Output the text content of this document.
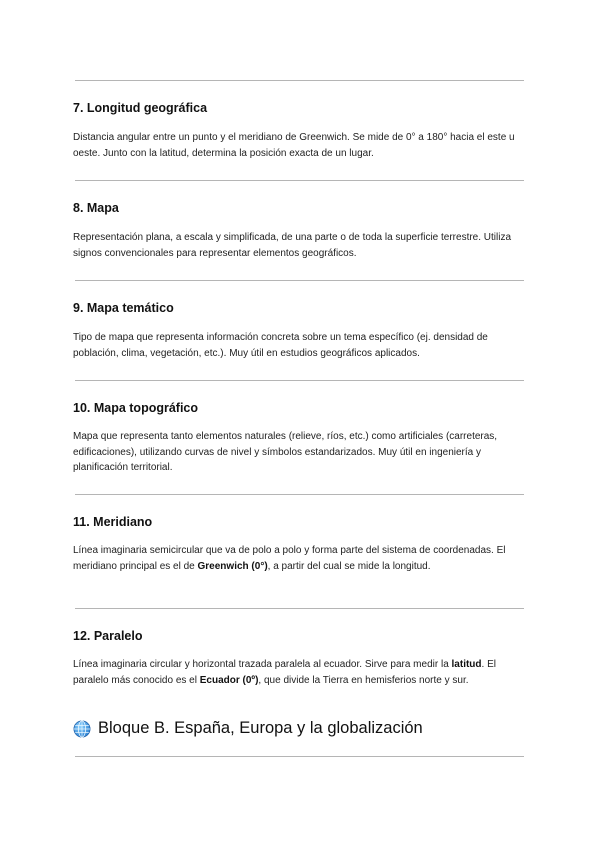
7. Longitud geográfica

Distancia angular entre un punto y el meridiano de Greenwich. Se mide de 0° a 180° hacia el este u oeste. Junto con la latitud, determina la posición exacta de un lugar.

8. Mapa

Representación plana, a escala y simplificada, de una parte o de toda la superficie terrestre. Utiliza signos convencionales para representar elementos geográficos.

9. Mapa temático

Tipo de mapa que representa información concreta sobre un tema específico (ej. densidad de población, clima, vegetación, etc.). Muy útil en estudios geográficos aplicados.

10. Mapa topográfico

Mapa que representa tanto elementos naturales (relieve, ríos, etc.) como artificiales (carreteras, edificaciones), utilizando curvas de nivel y símbolos estandarizados. Muy útil en ingeniería y planificación territorial.

11. Meridiano

Línea imaginaria semicircular que va de polo a polo y forma parte del sistema de coordenadas. El meridiano principal es el de Greenwich (0°), a partir del cual se mide la longitud.

12. Paralelo

Línea imaginaria circular y horizontal trazada paralela al ecuador. Sirve para medir la latitud. El paralelo más conocido es el Ecuador (0º), que divide la Tierra en hemisferios norte y sur.

Bloque B. España, Europa y la globalización
